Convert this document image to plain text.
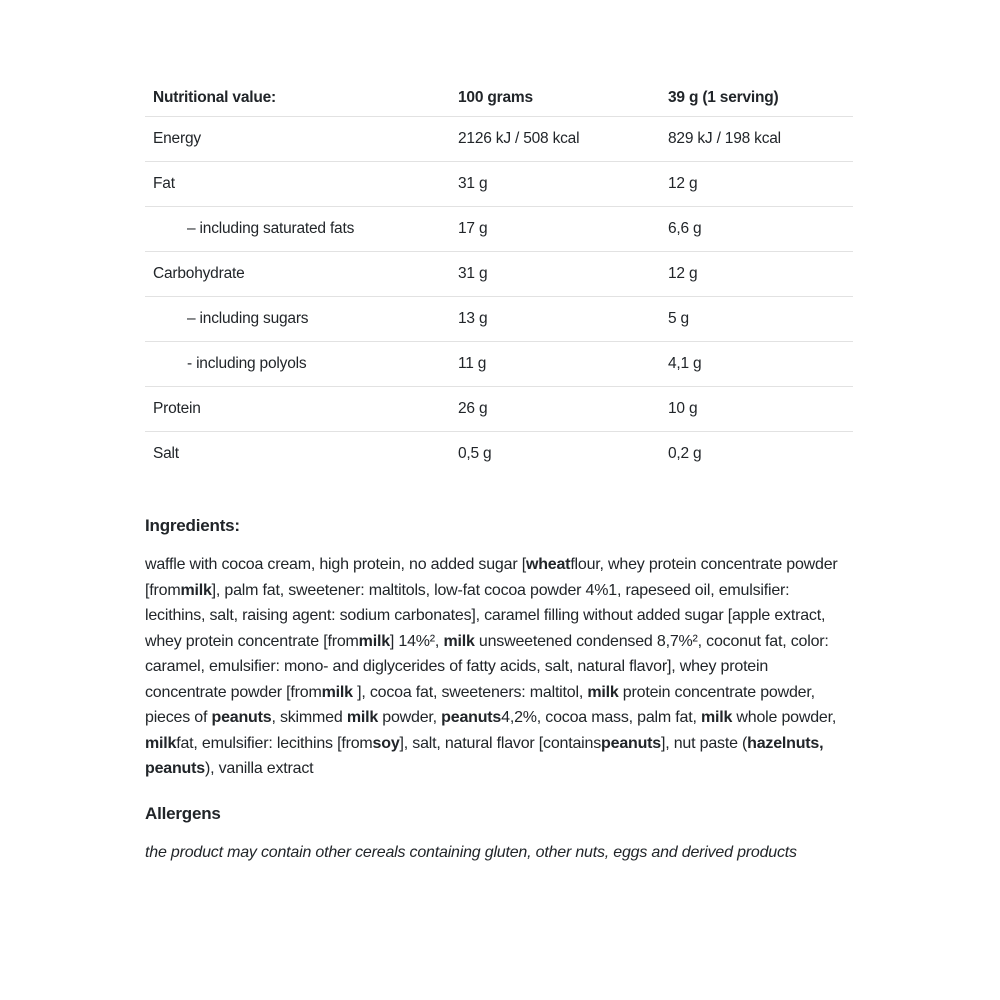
Nutritional value:	100 grams	39 g (1 serving)
Energy	2126 kJ / 508 kcal	829 kJ / 198 kcal
Fat	31 g	12 g
– including saturated fats	17 g	6,6 g
Carbohydrate	31 g	12 g
– including sugars	13 g	5 g
- including polyols	11 g	4,1 g
Protein	26 g	10 g
Salt	0,5 g	0,2 g
Ingredients:

waffle with cocoa cream, high protein, no added sugar [wheatflour, whey protein concentrate powder [frommilk], palm fat, sweetener: maltitols, low-fat cocoa powder 4%1, rapeseed oil, emulsifier: lecithins, salt, raising agent: sodium carbonates], caramel filling without added sugar [apple extract, whey protein concentrate [frommilk] 14%², milk unsweetened condensed 8,7%², coconut fat, color: caramel, emulsifier: mono- and diglycerides of fatty acids, salt, natural flavor], whey protein concentrate powder [frommilk ], cocoa fat, sweeteners: maltitol, milk protein concentrate powder, pieces of peanuts, skimmed milk powder, peanuts4,2%, cocoa mass, palm fat, milk whole powder, milkfat, emulsifier: lecithins [fromsoy], salt, natural flavor [containspeanuts], nut paste (hazelnuts, peanuts), vanilla extract

Allergens

the product may contain other cereals containing gluten, other nuts, eggs and derived products
